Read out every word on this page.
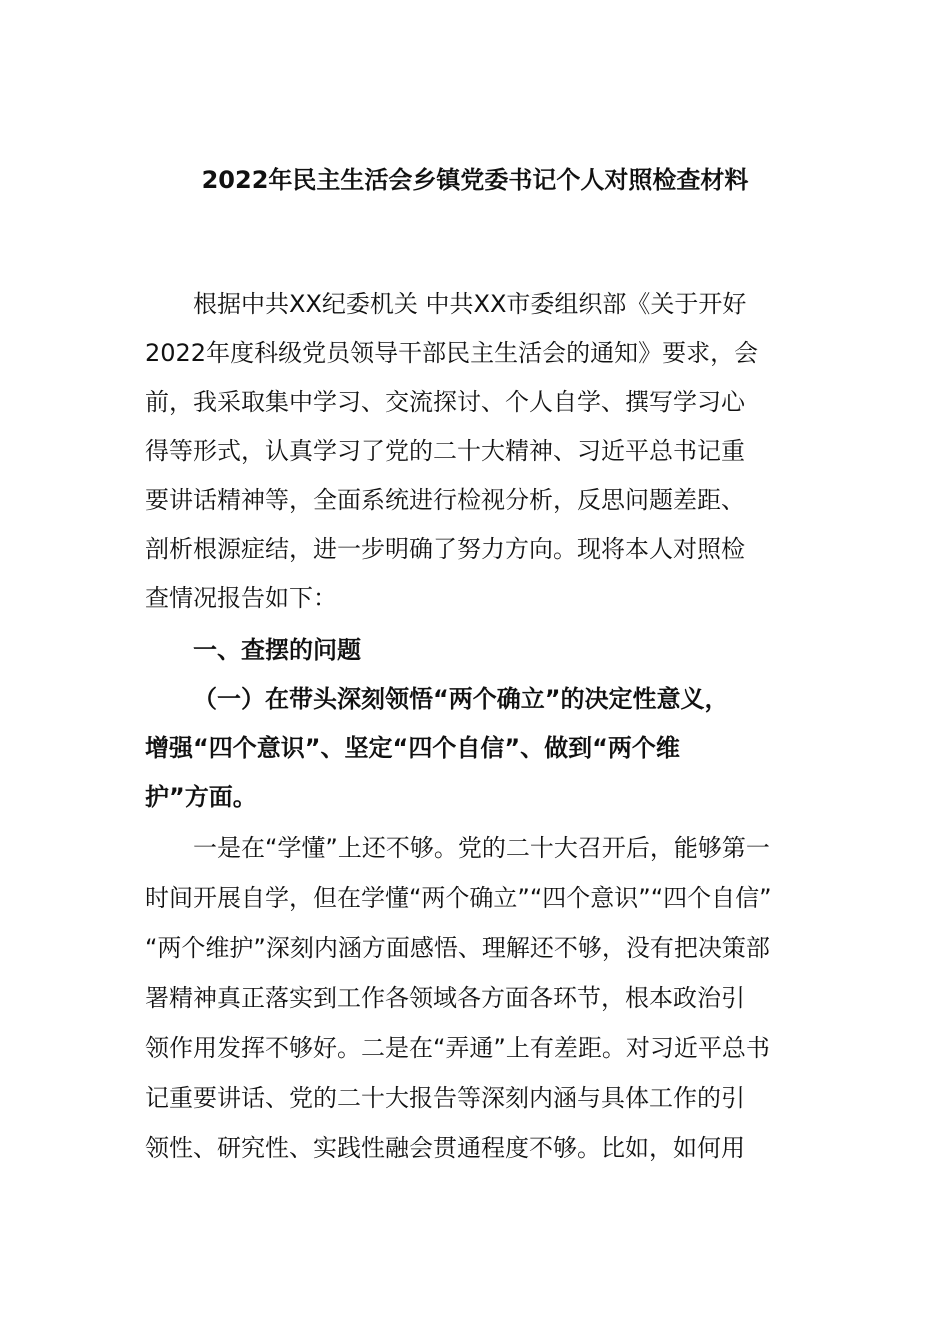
2022年民主生活会乡镇党委书记个人对照检查材料
根据中共XX纪委机关 中共XX市委组织部《关于开好
2022年度科级党员领导干部民主生活会的通知》要求，会
前，我采取集中学习、交流探讨、个人自学、撰写学习心
得等形式，认真学习了党的二十大精神、习近平总书记重
要讲话精神等，全面系统进行检视分析，反思问题差距、
剖析根源症结，进一步明确了努力方向。现将本人对照检
查情况报告如下：
一、查摆的问题
（一）在带头深刻领悟“两个确立”的决定性意义，
增强“四个意识”、坚定“四个自信”、做到“两个维
护”方面。
一是在“学懂”上还不够。党的二十大召开后，能够第一
时间开展自学，但在学懂“两个确立”“四个意识”“四个自信”
“两个维护”深刻内涵方面感悟、理解还不够，没有把决策部
署精神真正落实到工作各领域各方面各环节，根本政治引
领作用发挥不够好。二是在“弄通”上有差距。对习近平总书
记重要讲话、党的二十大报告等深刻内涵与具体工作的引
领性、研究性、实践性融会贯通程度不够。比如，如何用
